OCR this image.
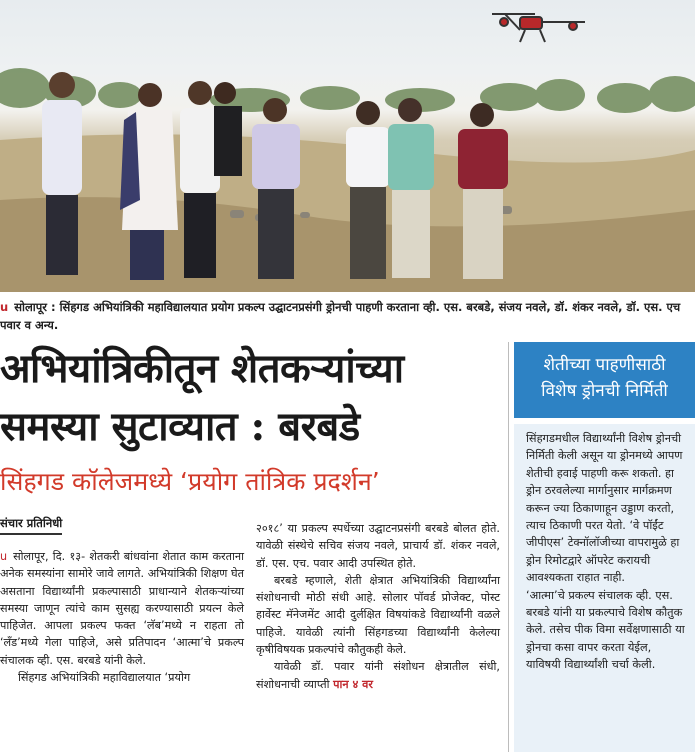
u सोलापूर : सिंहगड अभियांत्रिकी महाविद्यालयात प्रयोग प्रकल्प उद्घाटनप्रसंगी ड्रोनची पाहणी करताना व्ही. एस. बरबडे, संजय नवले, डॉ. शंकर नवले, डॉ. एस. एच पवार व अन्य.
अभियांत्रिकीतून शेतकऱ्यांच्या
समस्या सुटाव्यात : बरबडे
सिंहगड कॉलेजमध्ये ‘प्रयोग तांत्रिक प्रदर्शन’
संचार प्रतिनिधी

u सोलापूर, दि. १३- शेतकरी बांधवांना शेतात काम करताना अनेक समस्यांना सामोरे जावे लागते. अभियांत्रिकी शिक्षण घेत असताना विद्यार्थ्यांनी प्रकल्पासाठी प्राधान्याने शेतकऱ्यांच्या समस्या जाणून त्यांचे काम सुसह्य करण्यासाठी प्रयत्न केले पाहिजेत. आपला प्रकल्प फक्त ‘लॅब’मध्ये न राहता तो ‘लँड’मध्ये गेला पाहिजे, असे प्रतिपादन ‘आत्मा’चे प्रकल्प संचालक व्ही. एस. बरबडे यांनी केले.

सिंहगड अभियांत्रिकी महाविद्यालयात ‘प्रयोग

२०१८’ या प्रकल्प स्पर्धेच्या उद्घाटनप्रसंगी बरबडे बोलत होते. यावेळी संस्थेचे सचिव संजय नवले, प्राचार्य डॉ. शंकर नवले, डॉ. एस. एच. पवार आदी उपस्थित होते.

बरबडे म्हणाले, शेती क्षेत्रात अभियांत्रिकी विद्यार्थ्यांना संशोधनाची मोठी संधी आहे. सोलार पॉवर्ड प्रोजेक्ट, पोस्ट हार्वेस्ट मॅनेजमेंट आदी दुर्लक्षित विषयांकडे विद्यार्थ्यांनी वळले पाहिजे. यावेळी त्यांनी सिंहगडच्या विद्यार्थ्यांनी केलेल्या कृषीविषयक प्रकल्पांचे कौतुकही केले.

यावेळी डॉ. पवार यांनी संशोधन क्षेत्रातील संधी, संशोधनाची व्याप्ती पान ४ वर

शेतीच्या पाहणीसाठी
विशेष ड्रोनची निर्मिती
सिंहगडमधील विद्यार्थ्यांनी विशेष ड्रोनची निर्मिती केली असून या ड्रोनमध्ये आपण शेतीची हवाई पाहणी करू शकतो. हा ड्रोन ठरवलेल्या मार्गानुसार मार्गक्रमण करून ज्या ठिकाणाहून उड्डाण करतो, त्याच ठिकाणी परत येतो. ‘वे पॉईंट जीपीएस’ टेक्नॉलॉजीच्या वापरामुळे हा ड्रोन रिमोटद्वारे ऑपरेट करायची आवश्यकता राहात नाही.
‘आत्मा’चे प्रकल्प संचालक व्ही. एस. बरबडे यांनी या प्रकल्पाचे विशेष कौतुक केले. तसेच पीक विमा सर्वेक्षणासाठी या ड्रोनचा कसा वापर करता येईल, याविषयी विद्यार्थ्यांशी चर्चा केली.
